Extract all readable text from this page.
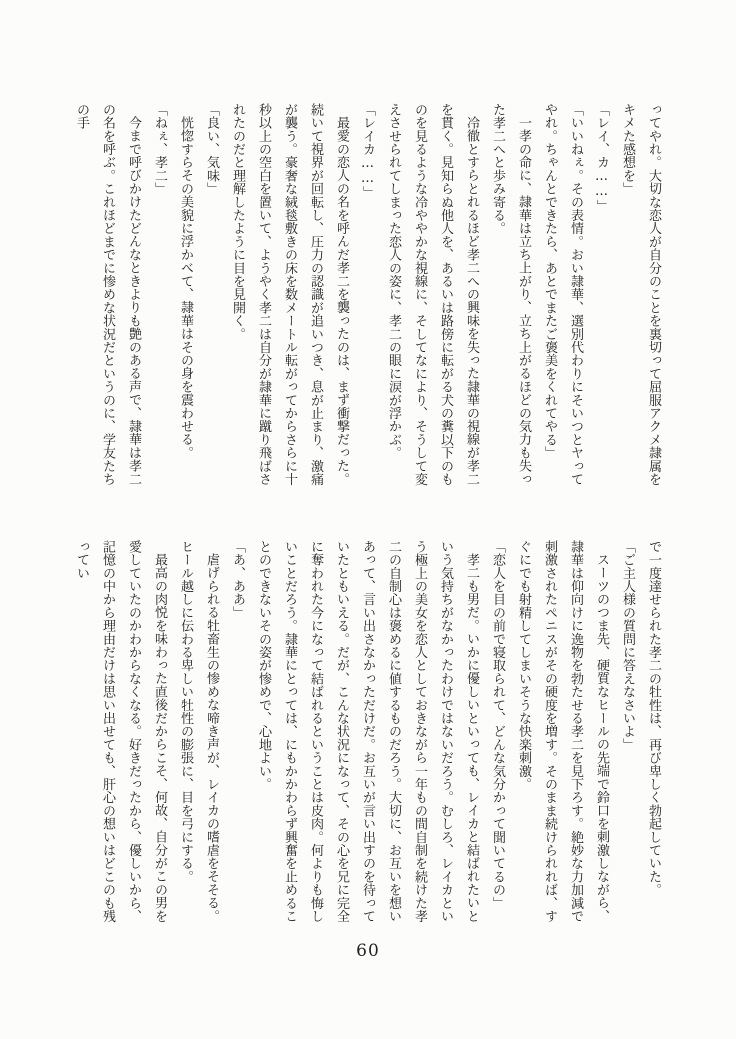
ってやれ。大切な恋人が自分のことを裏切って屈服アクメ隷属をキメた感想を」

「レイ、カ……」

「いいねぇ。その表情。おい隷華、選別代わりにそいつとヤってやれ。ちゃんとできたら、あとでまたご褒美をくれてやる」

一孝の命に、隷華は立ち上がり、立ち上がるほどの気力も失った孝二へと歩み寄る。

冷徹とすらとれるほど孝二への興味を失った隷華の視線が孝二を貫く。見知らぬ他人を、あるいは路傍に転がる犬の糞以下のものを見るような冷ややかな視線に、そしてなにより、そうして変えさせられてしまった恋人の姿に、孝二の眼に涙が浮かぶ。

「レイカ……」

最愛の恋人の名を呼んだ孝二を襲ったのは、まず衝撃だった。続いて視界が回転し、圧力の認識が追いつき、息が止まり、激痛が襲う。豪奢な絨毯敷きの床を数メートル転がってからさらに十秒以上の空白を置いて、ようやく孝二は自分が隷華に蹴り飛ばされたのだと理解したように目を見開く。

「良い、気味」

恍惚すらその美貌に浮かべて、隷華はその身を震わせる。

「ねぇ、孝二」

今まで呼びかけたどんなときよりも艶のある声で、隷華は孝二の名を呼ぶ。これほどまでに惨めな状況だというのに、学友たちの手

で一度達せられた孝二の牡性は、再び卑しく勃起していた。

「ご主人様の質問に答えなさいよ」

スーツのつま先、硬質なヒールの先端で鈴口を刺激しながら、隷華は仰向けに逸物を勃たせる孝二を見下ろす。絶妙な力加減で刺激されたペニスがその硬度を増す。そのまま続けられれば、すぐにでも射精してしまいそうな快楽刺激。

「恋人を目の前で寝取られて、どんな気分かって聞いてるの」

孝二も男だ。いかに優しいといっても、レイカと結ばれたいという気持ちがなかったわけではないだろう。むしろ、レイカという極上の美女を恋人としておきながら一年もの間自制を続けた孝二の自制心は褒めるに値するものだろう。大切に、お互いを想いあって、言い出さなかっただけだ。お互いが言い出すのを待っていたともいえる。だが、こんな状況になって、その心を兄に完全に奪われた今になって結ばれるということは皮肉。何よりも悔しいことだろう。隷華にとっては、にもかかわらず興奮を止めることのできないその姿が惨めで、心地よい。

「あ、ああ」

虐げられる牡畜生の惨めな啼き声が、レイカの嗜虐をそそる。ヒール越しに伝わる卑しい牡性の膨張に、目を弓にする。

最高の肉悦を味わった直後だからこそ、何故、自分がこの男を愛していたのかわからなくなる。好きだったから、優しいから、記憶の中から理由だけは思い出せても、肝心の想いはどこのも残ってい

60
